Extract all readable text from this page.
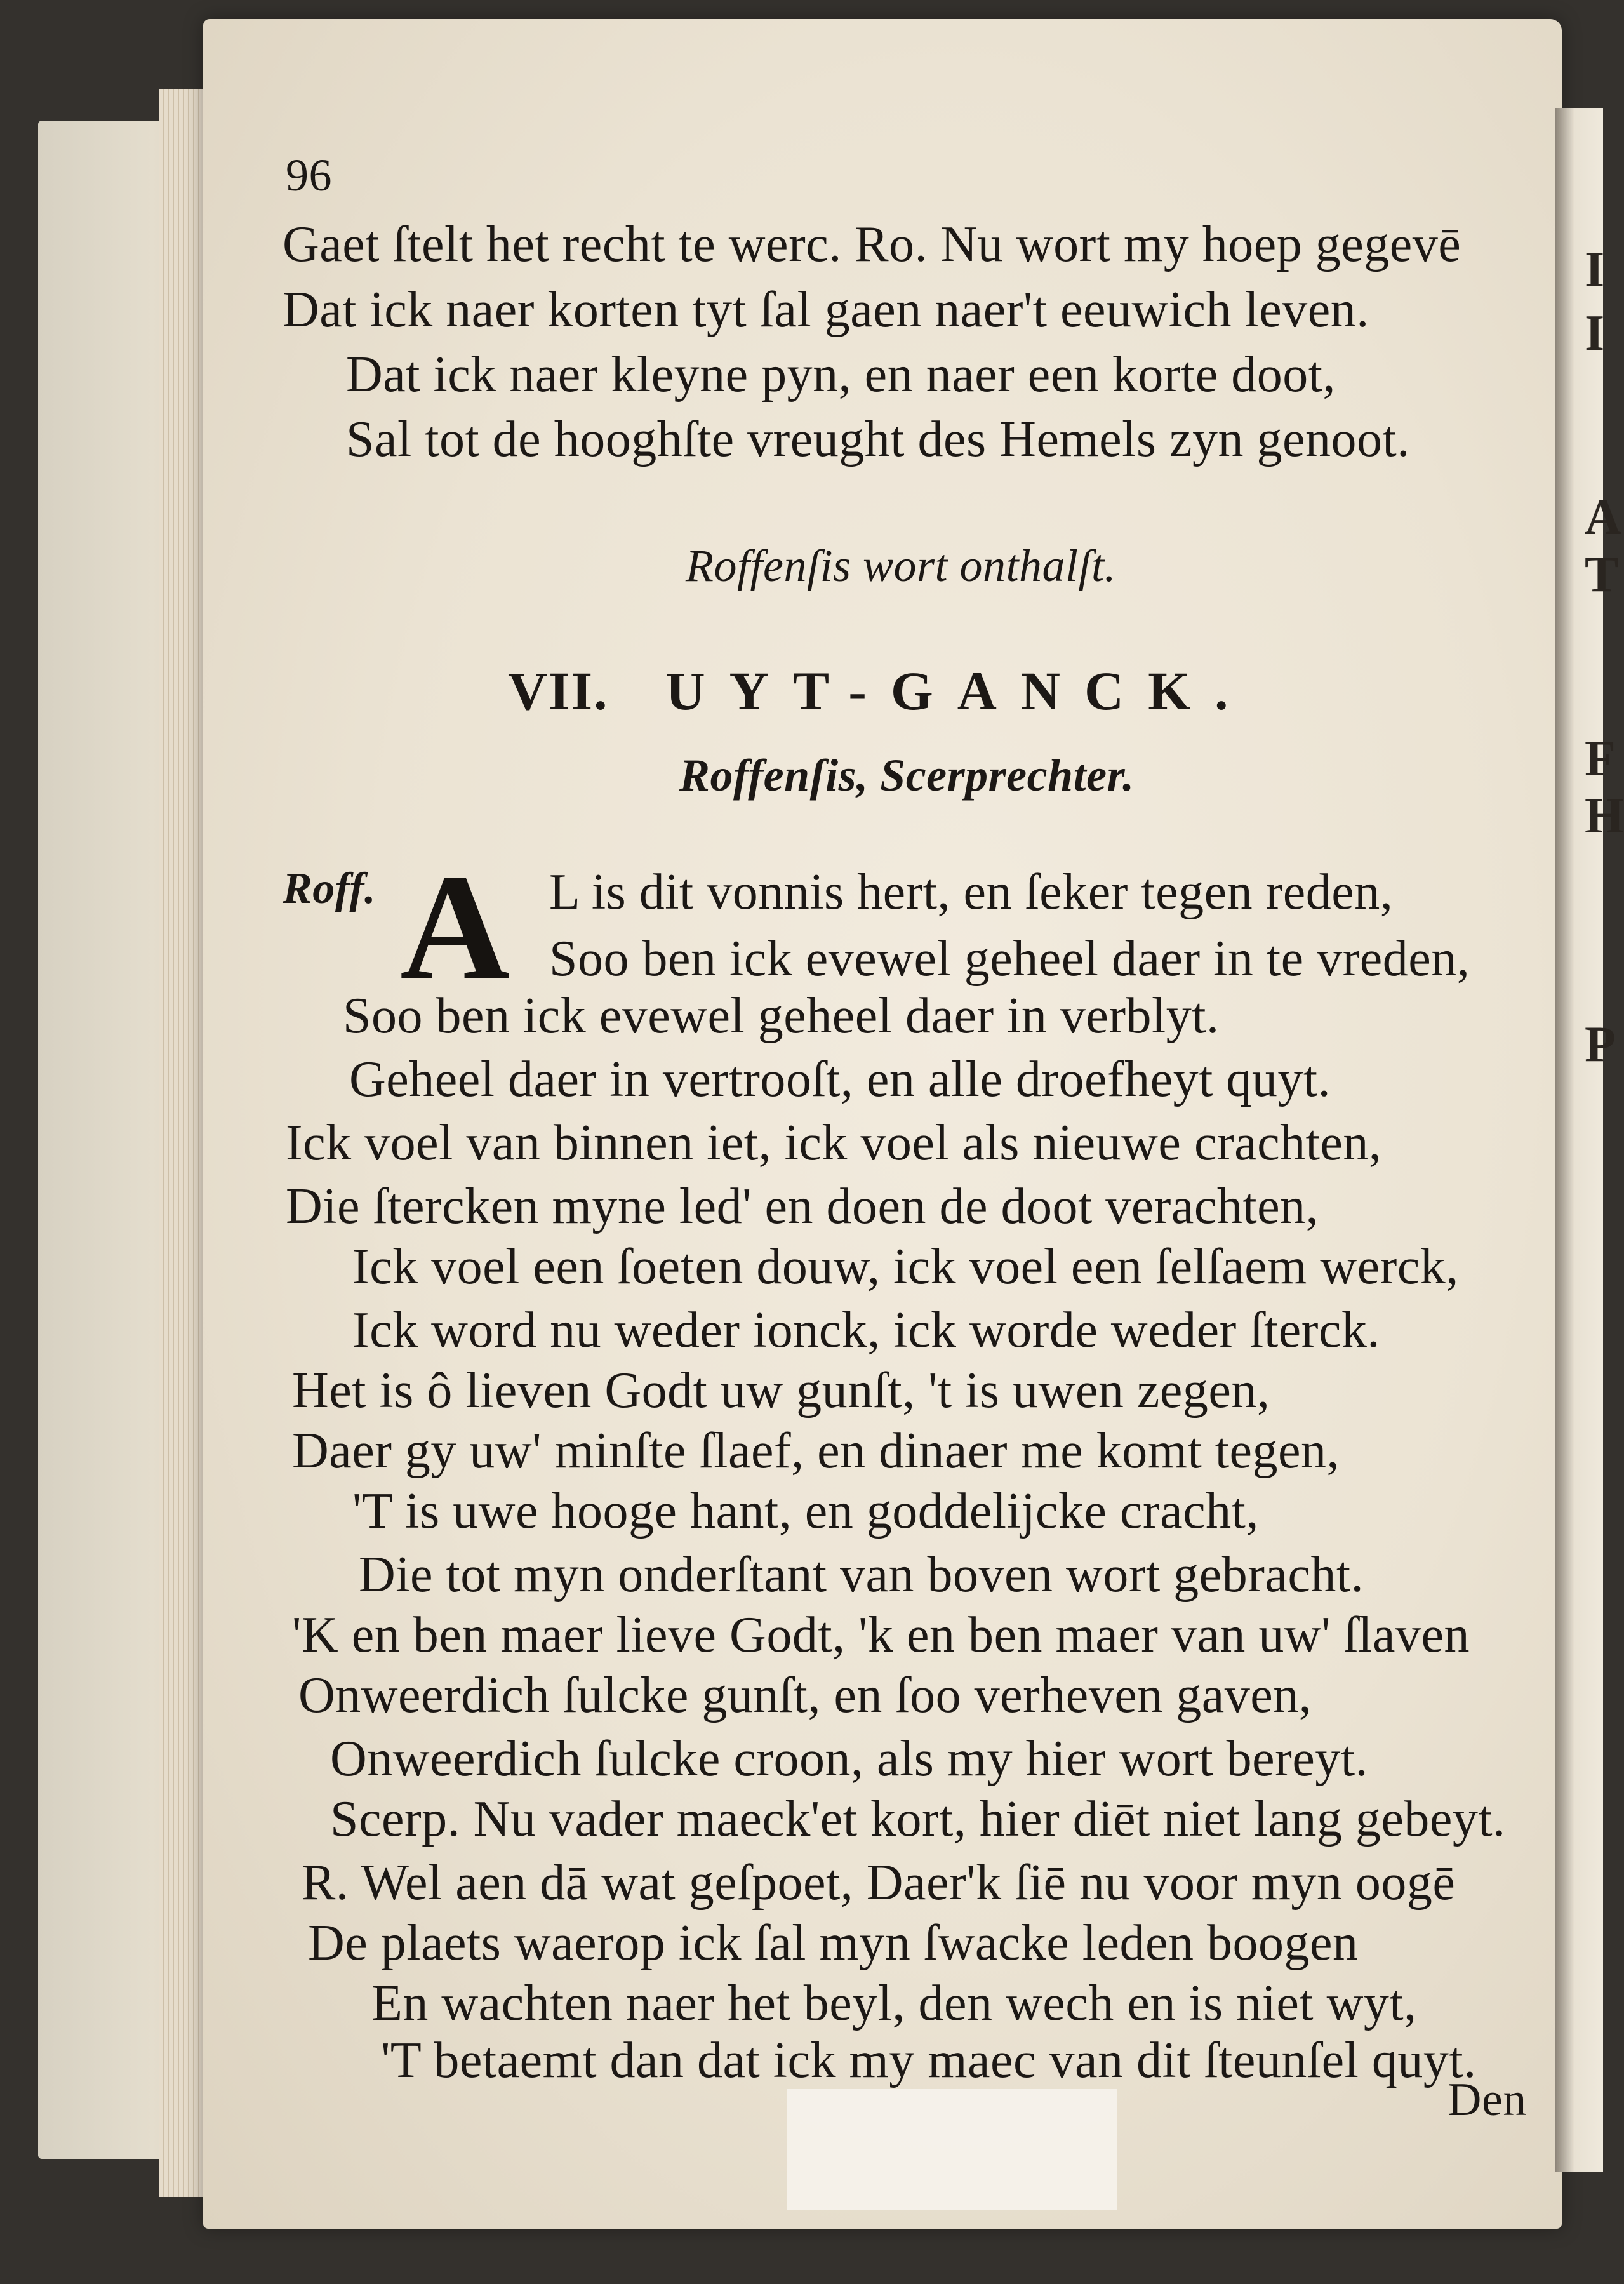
I
I
A
T
F
H
P
96
Gaet ſtelt het recht te werc. Ro. Nu wort my hoep gegevē
Dat ick naer korten tyt ſal gaen naer't eeuwich leven.
Dat ick naer kleyne pyn, en naer een korte doot,
Sal tot de hooghſte vreught des Hemels zyn genoot.
Roffenſis wort onthalſt.
VII. UYT-GANCK.
Roffenſis, Scerprechter.
Roff. A L is dit vonnis hert, en ſeker tegen reden,
Soo ben ick evewel geheel daer in te vreden,
Soo ben ick evewel geheel daer in verblyt.
Geheel daer in vertrooſt, en alle droefheyt quyt.
Ick voel van binnen iet, ick voel als nieuwe crachten,
Die ſtercken myne led' en doen de doot verachten,
Ick voel een ſoeten douw, ick voel een ſelſaem werck,
Ick word nu weder ionck, ick worde weder ſterck.
Het is ô lieven Godt uw gunſt, 't is uwen zegen,
Daer gy uw' minſte ſlaef, en dinaer me komt tegen,
'T is uwe hooge hant, en goddelijcke cracht,
Die tot myn onderſtant van boven wort gebracht.
'K en ben maer lieve Godt, 'k en ben maer van uw' ſlaven
Onweerdich ſulcke gunſt, en ſoo verheven gaven,
Onweerdich ſulcke croon, als my hier wort bereyt.
Scerp. Nu vader maeck'et kort, hier diēt niet lang gebeyt.
R. Wel aen dā wat geſpoet, Daer'k ſiē nu voor myn oogē
De plaets waerop ick ſal myn ſwacke leden boogen
En wachten naer het beyl, den wech en is niet wyt,
'T betaemt dan dat ick my maec van dit ſteunſel quyt.
Den
